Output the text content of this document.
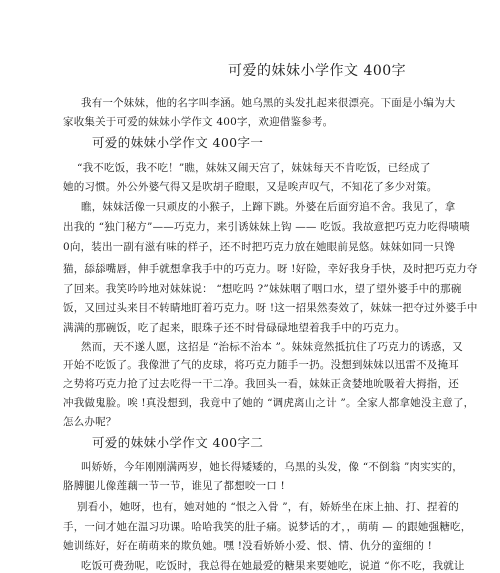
可爱的妹妹小学作文 400字
我有一个妹妹，他的名字叫李涵。她乌黑的头发扎起来很漂亮。下面是小编为大
家收集关于可爱的妹妹小学作文 400字，欢迎借鉴参考。
可爱的妹妹小学作文 400字一
“我不吃饭，我不吃！”瞧，妹妹又闹天宫了，妹妹每天不肯吃饭，已经成了
她的习惯。外公外婆气得又是吹胡子瞪眼，又是唉声叹气，不知花了多少对策。
瞧，妹妹活像一只顽皮的小猴子，上蹿下跳。外婆在后面穷追不舍。我见了，拿
出我的 “独门秘方”——巧克力，来引诱妹妹上钩 —— 吃饭。我故意把巧克力吃得啧啧
0向，装出一副有滋有味的样子，还不时把巧克力放在她眼前晃悠。妹妹如同一只馋
猫，舔舔嘴唇，伸手就想拿我手中的巧克力。呀 !好险，幸好我身手快，及时把巧克力夺
了回来。我笑吟吟地对妹妹说： “想吃吗 ?”妹妹咽了咽口水，望了望外婆手中的那碗
饭，又回过头来目不转睛地盯着巧克力。呀 !这一招果然奏效了，妹妹一把夺过外婆手中
满满的那碗饭，吃了起来，眼珠子还不时骨碌碌地望着我手中的巧克力。
然而，天不遂人愿，这招是 “治标不治本 ”。妹妹竟然抵抗住了巧克力的诱惑，又
开始不吃饭了。我像泄了气的皮球，将巧克力随手一扔。没想到妹妹以迅雷不及掩耳
之势将巧克力抢了过去吃得一干二净。我回头一看，妹妹正贪婪地吮吸着大拇指，还
冲我做鬼脸。唉 !真没想到，我竟中了她的 “调虎离山之计 ”。全家人都拿她没主意了，
怎么办呢？
可爱的妹妹小学作文 400字二
叫娇娇，今年刚刚满两岁，她长得矮矮的，乌黑的头发，像 “不倒翁 ”肉实实的，
胳膊腿儿像莲藕一节一节，谁见了都想咬一口 !
别看小，她呀，也有，她对她的 “恨之入骨 ”，有，娇娇坐在床上抽、打、捏着的
手，一问才她在温习功课。哈哈我笑的肚子痛。说梦话的才，，萌萌 — 的跟她强糖吃，
她训练好，好在萌萌来的欺负她。嘿 !没看娇娇小爱、恨、情、仇分的蛮细的 !
吃饭可费劲呢，吃饭时，我总得在她最爱的糖果来要她吃，说道 “你不吃，我就让
